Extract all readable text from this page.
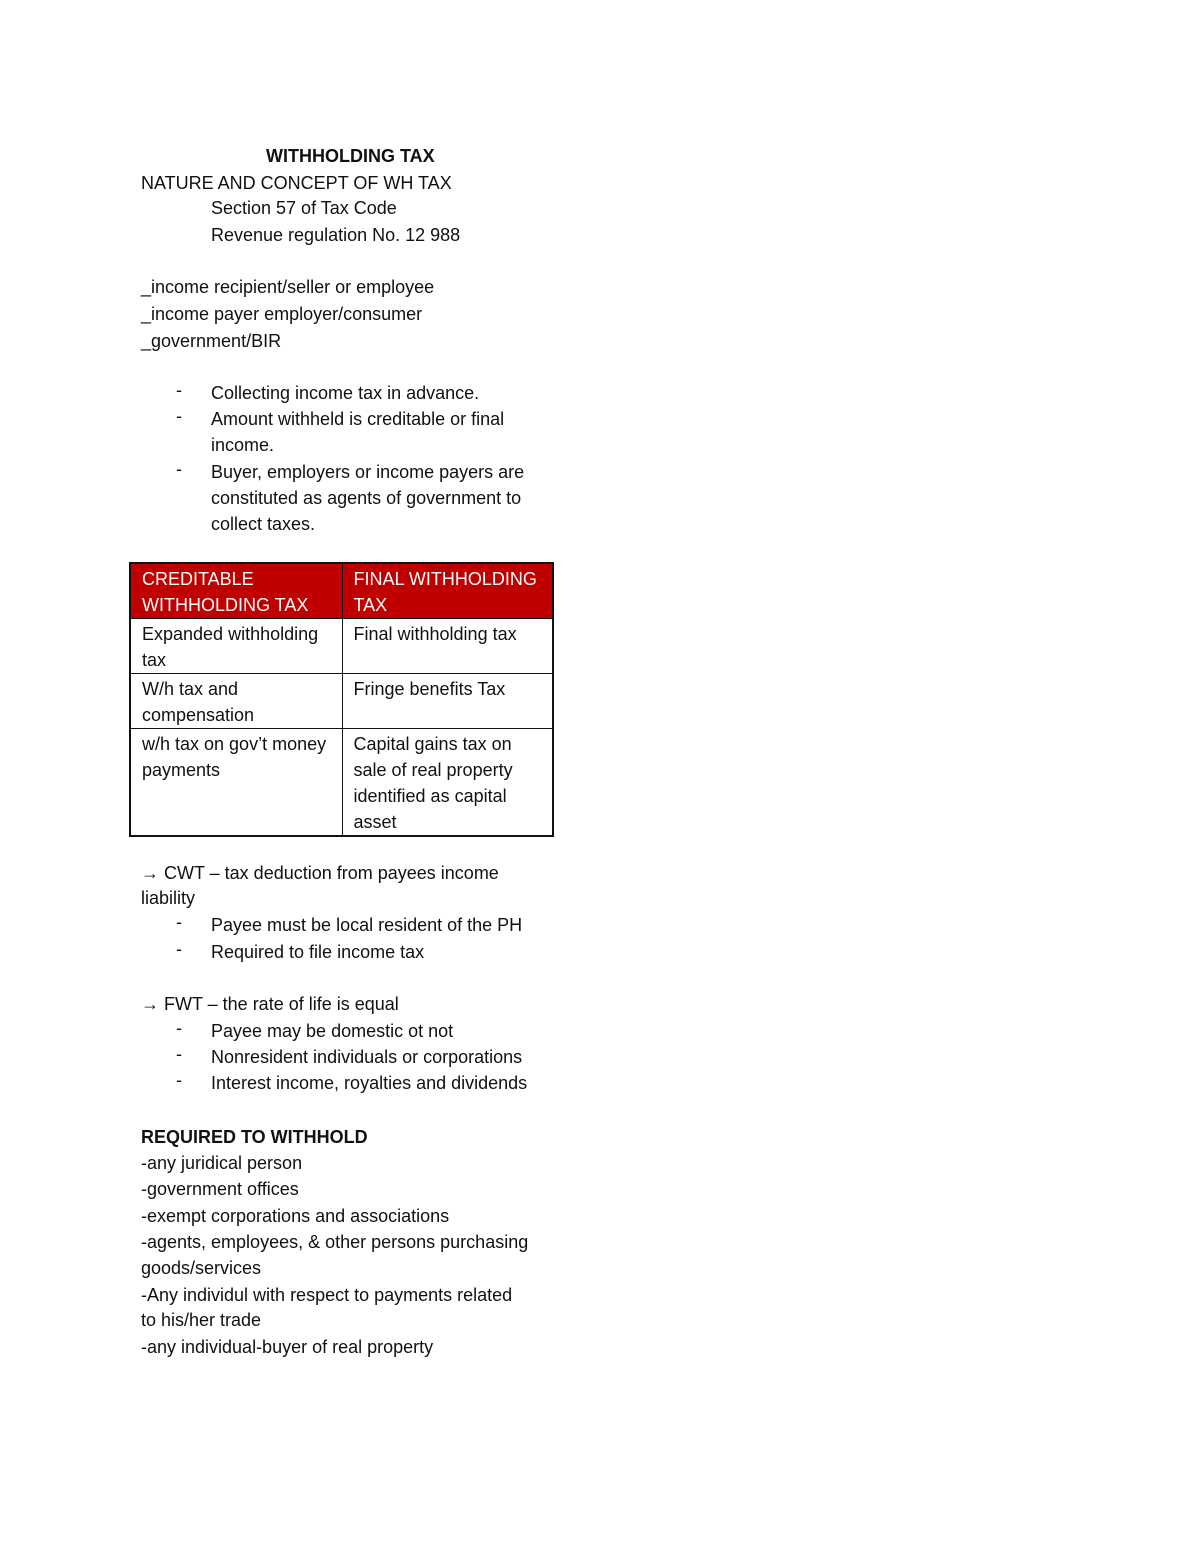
WITHHOLDING TAX
NATURE AND CONCEPT OF WH TAX
Section 57 of Tax Code
Revenue regulation No. 12 988
_income recipient/seller or employee
_income payer employer/consumer
_government/BIR
- Collecting income tax in advance.
- Amount withheld is creditable or final income.
- Buyer, employers or income payers are constituted as agents of government to collect taxes.
CREDITABLE WITHHOLDING TAX	FINAL WITHHOLDING TAX
Expanded withholding tax	Final withholding tax
W/h tax and compensation	Fringe benefits Tax
w/h tax on gov’t money payments	Capital gains tax on sale of real property identified as capital asset
→ CWT – tax deduction from payees income
liability
- Payee must be local resident of the PH
- Required to file income tax
→ FWT – the rate of life is equal
- Payee may be domestic ot not
- Nonresident individuals or corporations
- Interest income, royalties and dividends
REQUIRED TO WITHHOLD
-any juridical person
-government offices
-exempt corporations and associations
-agents, employees, & other persons purchasing
goods/services
-Any individul with respect to payments related
to his/her trade
-any individual-buyer of real property
